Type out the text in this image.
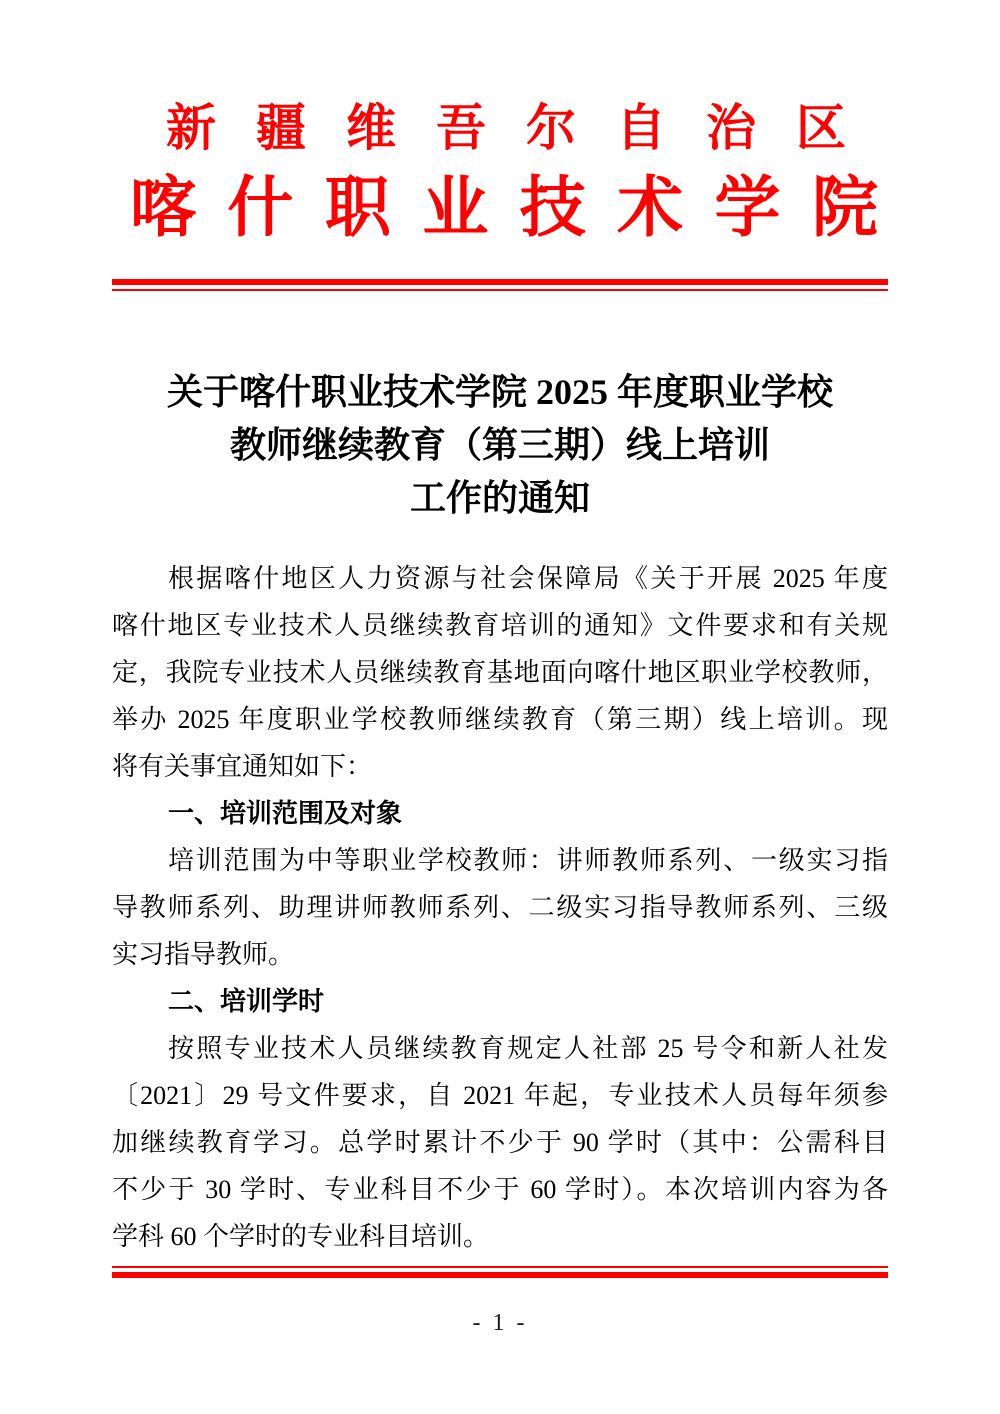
新 疆 维 吾 尔 自 治 区
喀 什 职 业 技 术 学 院
关于喀什职业技术学院 2025 年度职业学校
教师继续教育（第三期）线上培训
工作的通知
根据喀什地区人力资源与社会保障局《关于开展 2025 年度
喀什地区专业技术人员继续教育培训的通知》文件要求和有关规
定，我院专业技术人员继续教育基地面向喀什地区职业学校教师，
举办 2025 年度职业学校教师继续教育（第三期）线上培训。现
将有关事宜通知如下：
一、培训范围及对象
培训范围为中等职业学校教师：讲师教师系列、一级实习指
导教师系列、助理讲师教师系列、二级实习指导教师系列、三级
实习指导教师。
二、培训学时
按照专业技术人员继续教育规定人社部 25 号令和新人社发
〔2021〕29 号文件要求，自 2021 年起，专业技术人员每年须参
加继续教育学习。总学时累计不少于 90 学时（其中：公需科目
不少于 30 学时、专业科目不少于 60 学时）。本次培训内容为各
学科 60 个学时的专业科目培训。
- 1 -
